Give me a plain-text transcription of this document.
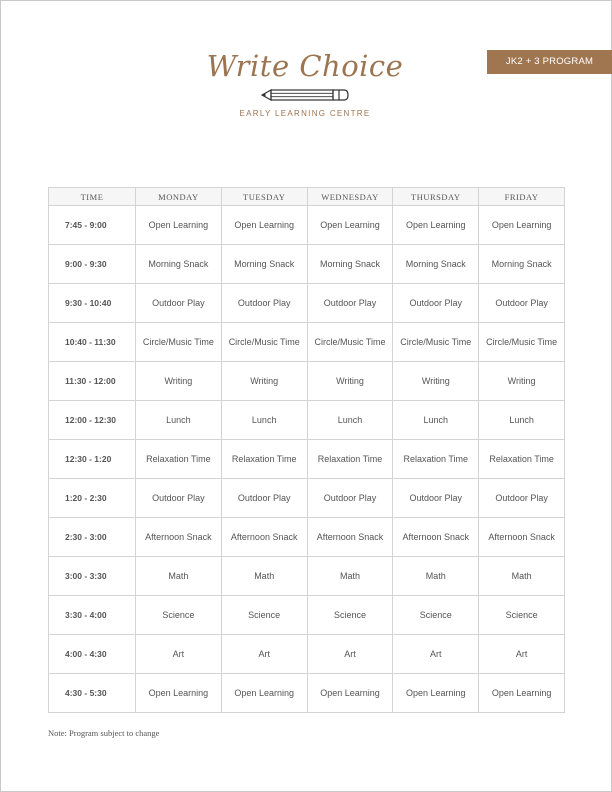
JK2 + 3 PROGRAM
Write Choice
EARLY LEARNING CENTRE
TIME	MONDAY	TUESDAY	WEDNESDAY	THURSDAY	FRIDAY
7:45 - 9:00	Open Learning	Open Learning	Open Learning	Open Learning	Open Learning
9:00 - 9:30	Morning Snack	Morning Snack	Morning Snack	Morning Snack	Morning Snack
9:30 - 10:40	Outdoor Play	Outdoor Play	Outdoor Play	Outdoor Play	Outdoor Play
10:40 - 11:30	Circle/Music Time	Circle/Music Time	Circle/Music Time	Circle/Music Time	Circle/Music Time
11:30 - 12:00	Writing	Writing	Writing	Writing	Writing
12:00 - 12:30	Lunch	Lunch	Lunch	Lunch	Lunch
12:30 - 1:20	Relaxation Time	Relaxation Time	Relaxation Time	Relaxation Time	Relaxation Time
1:20 - 2:30	Outdoor Play	Outdoor Play	Outdoor Play	Outdoor Play	Outdoor Play
2:30 - 3:00	Afternoon Snack	Afternoon Snack	Afternoon Snack	Afternoon Snack	Afternoon Snack
3:00 - 3:30	Math	Math	Math	Math	Math
3:30 - 4:00	Science	Science	Science	Science	Science
4:00 - 4:30	Art	Art	Art	Art	Art
4:30 - 5:30	Open Learning	Open Learning	Open Learning	Open Learning	Open Learning
Note: Program subject to change
